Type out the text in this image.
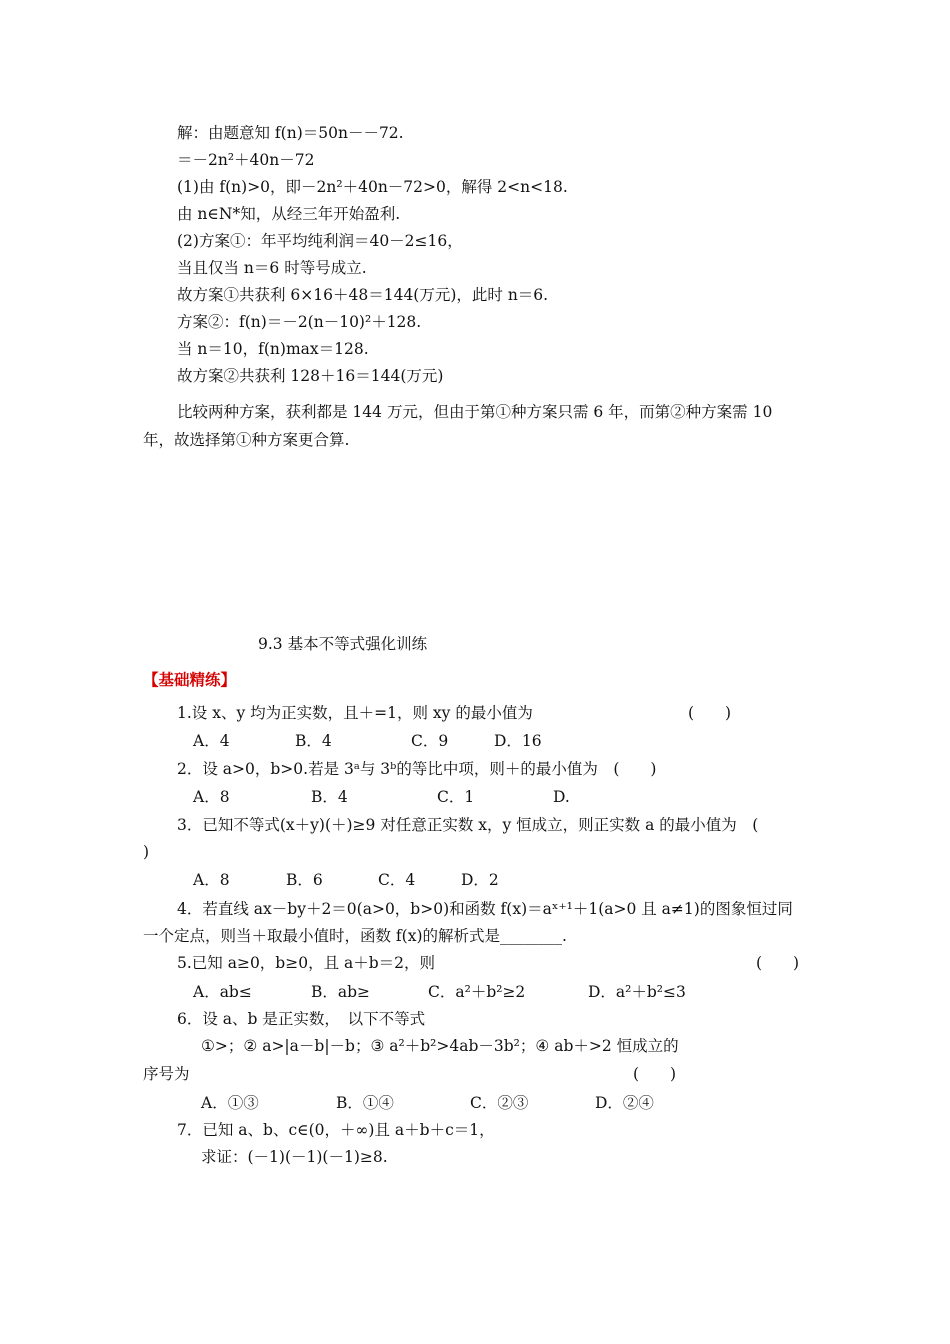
解：由题意知 f(n)＝50n－－72.
＝－2n²＋40n－72
(1)由 f(n)>0，即－2n²＋40n－72>0，解得 2<n<18.
由 n∈N*知，从经三年开始盈利.
(2)方案①：年平均纯利润＝40－2≤16，
当且仅当 n＝6 时等号成立.
故方案①共获利 6×16＋48＝144(万元)，此时 n＝6.
方案②：f(n)＝－2(n－10)²＋128.
当 n＝10，f(n)max＝128.
故方案②共获利 128＋16＝144(万元)
比较两种方案，获利都是 144 万元，但由于第①种方案只需 6 年，而第②种方案需 10
年，故选择第①种方案更合算.
9.3 基本不等式强化训练
【基础精练】
1.设 x、y 均为正实数，且＋=1，则 xy 的最小值为	(　　)
A．4	B．4	C．9	D．16
2．设 a>0，b>0.若是 3ᵃ与 3ᵇ的等比中项，则＋的最小值为　(　　)
A．8	B．4	C．1	D.
3．已知不等式(x＋y)(＋)≥9 对任意正实数 x，y 恒成立，则正实数 a 的最小值为　(
)
A．8	B．6	C．4	D．2
4．若直线 ax－by＋2＝0(a>0，b>0)和函数 f(x)＝aˣ⁺¹＋1(a>0 且 a≠1)的图象恒过同
一个定点，则当＋取最小值时，函数 f(x)的解析式是________.
5.已知 a≥0，b≥0，且 a＋b＝2，则	(　　)
A．ab≤	B．ab≥	C．a²＋b²≥2	D．a²＋b²≤3
6．设 a、b 是正实数，　以下不等式
①>；② a>|a－b|－b；③ a²＋b²>4ab－3b²；④ ab＋>2 恒成立的
序号为	(　　)
A．①③	B．①④	C．②③	D．②④
7．已知 a、b、c∈(0，＋∞)且 a＋b＋c＝1，
求证：(－1)(－1)(－1)≥8.
